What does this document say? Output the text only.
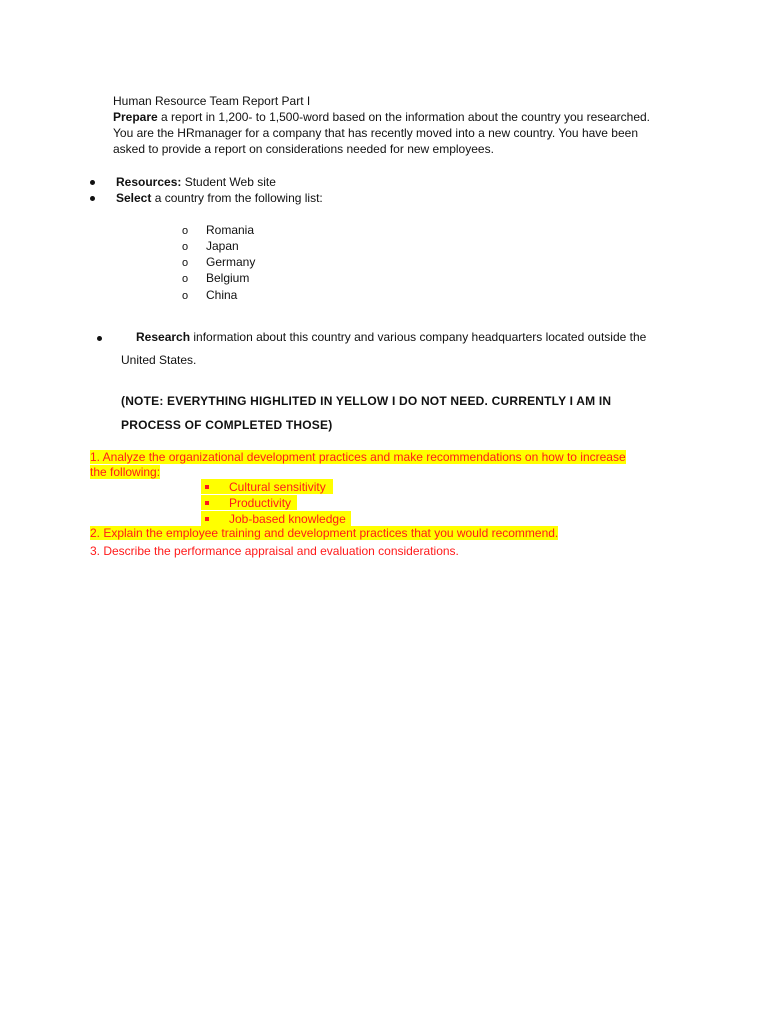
Human Resource Team Report Part I
Prepare a report in 1,200- to 1,500-word based on the information about the country you researched.
You are the HRmanager for a company that has recently moved into a new country. You have been
asked to provide a report on considerations needed for new employees.
Resources: Student Web site
Select a country from the following list:
o Romania
o Japan
o Germany
o Belgium
o China
Research information about this country and various company headquarters located outside the
United States.
(NOTE: EVERYTHING HIGHLITED IN YELLOW I DO NOT NEED. CURRENTLY I AM IN
PROCESS OF COMPLETED THOSE)
1. Analyze the organizational development practices and make recommendations on how to increase
the following:
Cultural sensitivity
Productivity
Job-based knowledge
2. Explain the employee training and development practices that you would recommend.
3. Describe the performance appraisal and evaluation considerations.
